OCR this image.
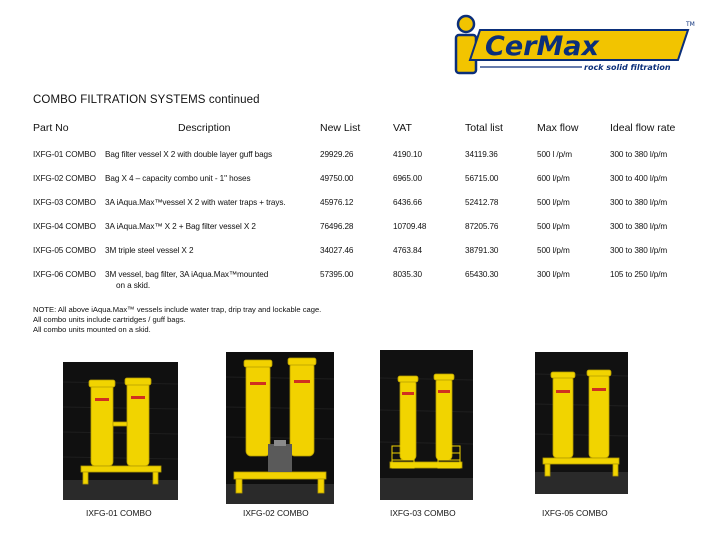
CerMax
TM
rock solid filtration
COMBO FILTRATION SYSTEMS continued
Part No	Description	New List	VAT	Total list	Max flow	Ideal flow rate
IXFG-01 COMBO Bag filter vessel X 2 with double layer guff bags	29929.26	4190.10	34119.36	500 l /p/m	300 to 380 l/p/m
IXFG-02 COMBO Bag X 4 – capacity combo unit - 1" hoses	49750.00	6965.00	56715.00	600 l/p/m	300 to 400 l/p/m
IXFG-03 COMBO 3A iAqua.Max™vessel X 2 with water traps + trays.	45976.12	6436.66	52412.78	500 l/p/m	300 to 380 l/p/m
IXFG-04 COMBO 3A iAqua.Max™ X 2 + Bag filter vessel X 2	76496.28	10709.48	87205.76	500 l/p/m	300 to 380 l/p/m
IXFG-05 COMBO 3M triple steel vessel X 2	34027.46	4763.84	38791.30	500 l/p/m	300 to 380 l/p/m
IXFG-06 COMBO 3M vessel, bag filter, 3A iAqua.Max™mounted
on a skid.
57395.00	8035.30	65430.30	300 l/p/m	105 to 250 l/p/m
NOTE: All above iAqua.Max™ vessels include water trap, drip tray and lockable cage.
All combo units include cartridges / guff bags.
All combo units mounted on a skid.
IXFG-01 COMBO	IXFG-02 COMBO	IXFG-03 COMBO	IXFG-05 COMBO
